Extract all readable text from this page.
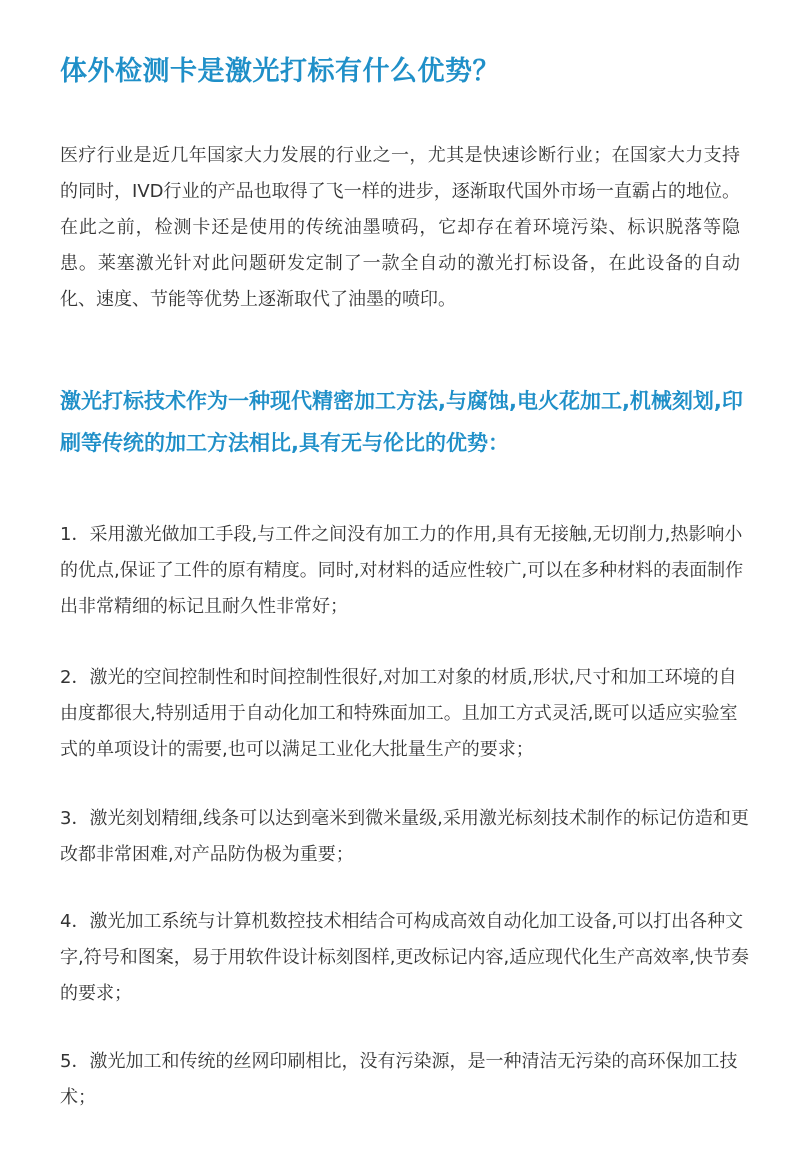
体外检测卡是激光打标有什么优势？

医疗行业是近几年国家大力发展的行业之一，尤其是快速诊断行业；在国家大力支持的同时，IVD行业的产品也取得了飞一样的进步，逐渐取代国外市场一直霸占的地位。在此之前，检测卡还是使用的传统油墨喷码，它却存在着环境污染、标识脱落等隐患。莱塞激光针对此问题研发定制了一款全自动的激光打标设备，在此设备的自动化、速度、节能等优势上逐渐取代了油墨的喷印。

激光打标技术作为一种现代精密加工方法,与腐蚀,电火花加工,机械刻划,印刷等传统的加工方法相比,具有无与伦比的优势：

1．采用激光做加工手段,与工件之间没有加工力的作用,具有无接触,无切削力,热影响小的优点,保证了工件的原有精度。同时,对材料的适应性较广,可以在多种材料的表面制作出非常精细的标记且耐久性非常好；

2．激光的空间控制性和时间控制性很好,对加工对象的材质,形状,尺寸和加工环境的自由度都很大,特别适用于自动化加工和特殊面加工。且加工方式灵活,既可以适应实验室式的单项设计的需要,也可以满足工业化大批量生产的要求；

3．激光刻划精细,线条可以达到毫米到微米量级,采用激光标刻技术制作的标记仿造和更改都非常困难,对产品防伪极为重要；

4．激光加工系统与计算机数控技术相结合可构成高效自动化加工设备,可以打出各种文字,符号和图案，易于用软件设计标刻图样,更改标记内容,适应现代化生产高效率,快节奏的要求；

5．激光加工和传统的丝网印刷相比，没有污染源，是一种清洁无污染的高环保加工技术；
